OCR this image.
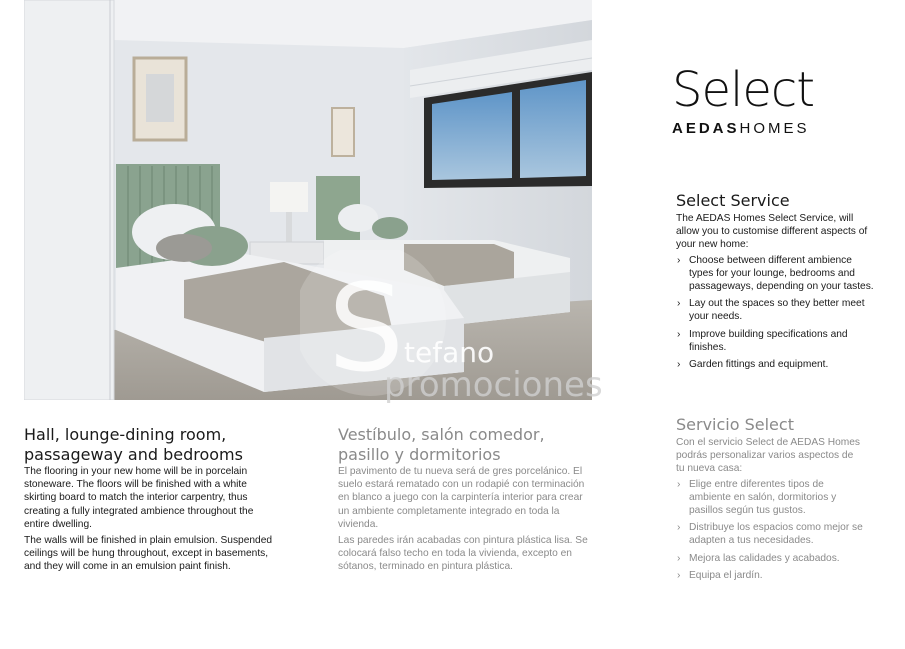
S tefano
promociones
Select
AEDASHOMES
Hall, lounge-dining room,
passageway and bedrooms

The flooring in your new home will be in porcelain stoneware. The floors will be finished with a white skirting board to match the interior carpentry, thus creating a fully integrated ambience throughout the entire dwelling.

The walls will be finished in plain emulsion. Suspended ceilings will be hung throughout, except in basements, and they will come in an emulsion paint finish.

Vestíbulo, salón comedor,
pasillo y dormitorios

El pavimento de tu nueva será de gres porcelánico. El suelo estará rematado con un rodapié con terminación en blanco a juego con la carpintería interior para crear un ambiente completamente integrado en toda la vivienda.

Las paredes irán acabadas con pintura plástica lisa. Se colocará falso techo en toda la vivienda, excepto en sótanos, terminado en pintura plástica.

Select Service

The AEDAS Homes Select Service, will allow you to customise different aspects of your new home:

› Choose between different ambience types for your lounge, bedrooms and passageways, depending on your tastes.
› Lay out the spaces so they better meet your needs.
› Improve building specifications and finishes.
› Garden fittings and equipment.
Servicio Select

Con el servicio Select de AEDAS Homes podrás personalizar varios aspectos de tu nueva casa:

› Elige entre diferentes tipos de ambiente en salón, dormitorios y pasillos según tus gustos.
› Distribuye los espacios como mejor se adapten a tus necesidades.
› Mejora las calidades y acabados.
› Equipa el jardín.
